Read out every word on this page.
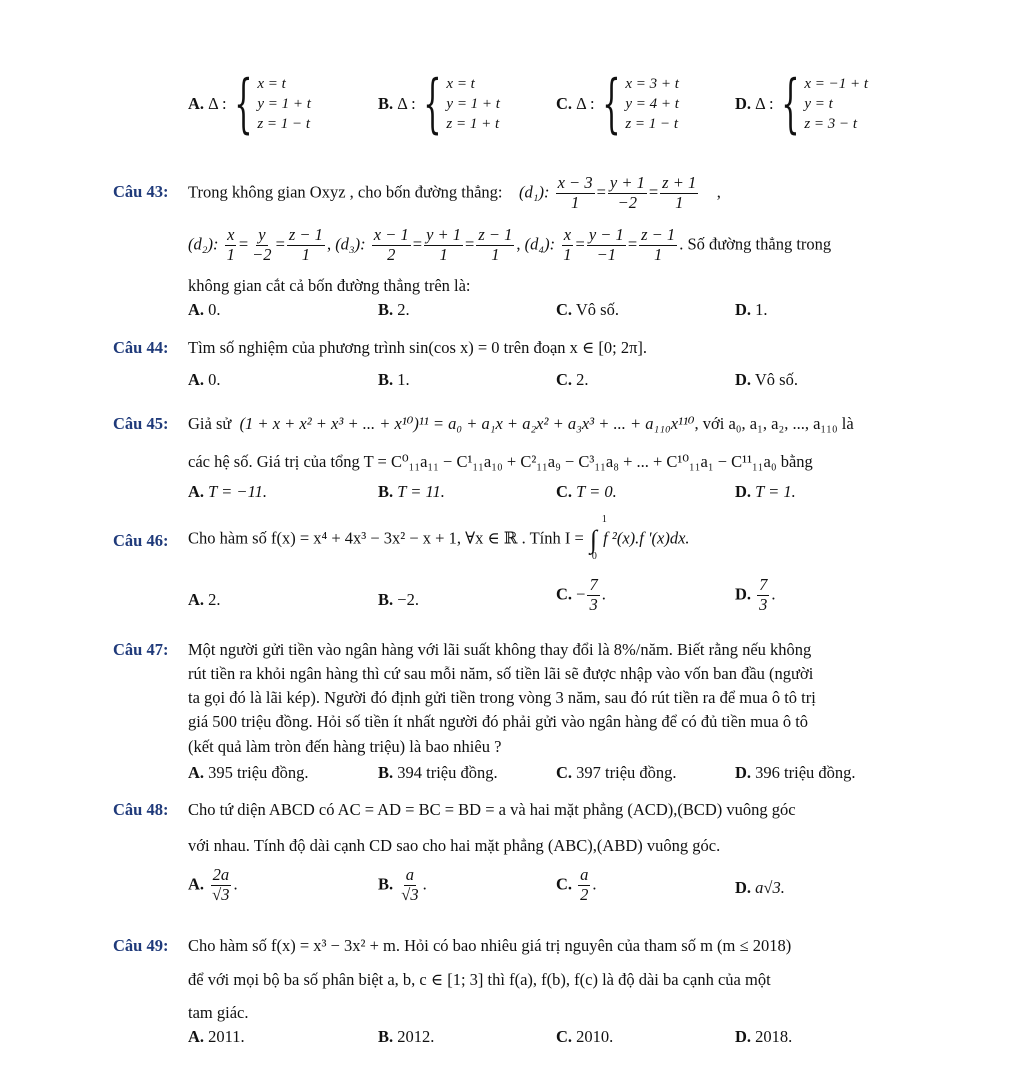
A.
Δ : { x = t
y = 1 + t
z = 1 − t
B.
Δ : { x = t
y = 1 + t
z = 1 + t
C.
Δ : { x = 3 + t
y = 4 + t
z = 1 − t
D.
Δ : { x = −1 + t
y = t
z = 3 − t
Câu 43: Trong không gian Oxyz , cho bốn đường thẳng: (d₁): $\frac{x - 3}{1} = \frac{y + 1}{-2} = \frac{z + 1}{1}$ ,
(d₂): $\frac{x}{1} = \frac{y}{-2} = \frac{z - 1}{1}$ , (d₃): $\frac{x - 1}{2} = \frac{y + 1}{1} = \frac{z - 1}{1}$ , (d₄): $\frac{x}{1} = \frac{y - 1}{-1} = \frac{z - 1}{1}$ . Số đường thẳng trong
không gian cắt cả bốn đường thẳng trên là:
A. 0.	B. 2.	C. Vô số.	D. 1.
Câu 44: Tìm số nghiệm của phương trình sin(cos x) = 0 trên đoạn x ∈ [0; 2π].
A. 0.	B. 1.	C. 2.	D. Vô số.
Câu 45: Giả sử (1 + x + x² + x³ + ... + x¹⁰)¹¹ = a₀ + a₁x + a₂x² + a₃x³ + ... + a₁₁₀x¹¹⁰, với a₀, a₁, a₂, ..., a₁₁₀ là
các hệ số. Giá trị của tổng T = C⁰₁₁a₁₁ − C¹₁₁a₁₀ + C²₁₁a₉ − C³₁₁a₈ + ... + C¹⁰₁₁a₁ − C¹¹₁₁a₀ bằng
A. T = −11.	B. T = 11.	C. T = 0.	D. T = 1.
Câu 46: Cho hàm số f(x) = x⁴ + 4x³ − 3x² − x + 1, ∀x ∈ ℝ . Tính I = ∫
1
0
f ²(x).f '(x)dx.
A. 2.	B. −2.	C. − $\frac{7}{3}$ .	D. $\frac{7}{3}$ .
Câu 47: Một người gửi tiền vào ngân hàng với lãi suất không thay đổi là 8%/năm. Biết rằng nếu không
rút tiền ra khỏi ngân hàng thì cứ sau mỗi năm, số tiền lãi sẽ được nhập vào vốn ban đầu (người
ta gọi đó là lãi kép). Người đó định gửi tiền trong vòng 3 năm, sau đó rút tiền ra để mua ô tô trị
giá 500 triệu đồng. Hỏi số tiền ít nhất người đó phải gửi vào ngân hàng để có đủ tiền mua ô tô
(kết quả làm tròn đến hàng triệu) là bao nhiêu ?
A. 395 triệu đồng.	B. 394 triệu đồng.	C. 397 triệu đồng.	D. 396 triệu đồng.
Câu 48: Cho tứ diện ABCD có AC = AD = BC = BD = a và hai mặt phẳng (ACD),(BCD) vuông góc
với nhau. Tính độ dài cạnh CD sao cho hai mặt phẳng (ABC),(ABD) vuông góc.
A. $\frac{2a}{√3}$ .	B. $\frac{a}{√3}$ .	C. $\frac{a}{2}$ .	D. a√3.
Câu 49: Cho hàm số f(x) = x³ − 3x² + m. Hỏi có bao nhiêu giá trị nguyên của tham số m (m ≤ 2018)
để với mọi bộ ba số phân biệt a, b, c ∈ [1; 3] thì f(a), f(b), f(c) là độ dài ba cạnh của một
tam giác.
A. 2011.	B. 2012.	C. 2010.	D. 2018.
